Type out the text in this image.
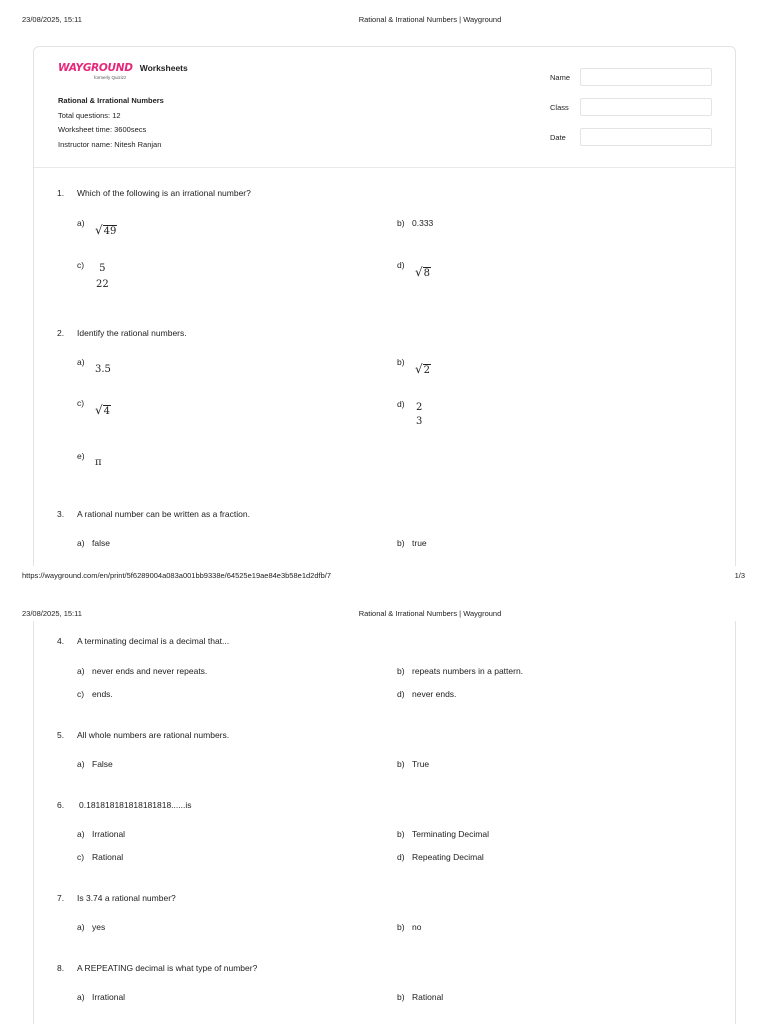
23/08/2025, 15:11	Rational & Irrational Numbers | Wayground
WAYGROUND
formerly Quizizz
Worksheets
Rational & Irrational Numbers
Total questions: 12
Worksheet time: 3600secs
Instructor name: Nitesh Ranjan
Name
Class
Date
1. Which of the following is an irrational number?
a) √ 49
b) 0.333
c)	5
22
d) √ 8
2. Identify the rational numbers.
a)
3.5
b) √ 2
c) √ 4
d) 2
3
e)
π
3. A rational number can be written as a fraction.
a) false	b) true
https://wayground.com/en/print/5f6289004a083a001bb9338e/64525e19ae84e3b58e1d2dfb/7	1/3
23/08/2025, 15:11	Rational & Irrational Numbers | Wayground
4. A terminating decimal is a decimal that...
a) never ends and never repeats.	b) repeats numbers in a pattern.
c) ends.	d) never ends.
5. All whole numbers are rational numbers.
a) False	b) True
6. 0.181818181818181818......is
a) Irrational	b) Terminating Decimal
c) Rational	d) Repeating Decimal
7. Is 3.74 a rational number?
a) yes	b) no
8. A REPEATING decimal is what type of number?
a) Irrational	b) Rational
